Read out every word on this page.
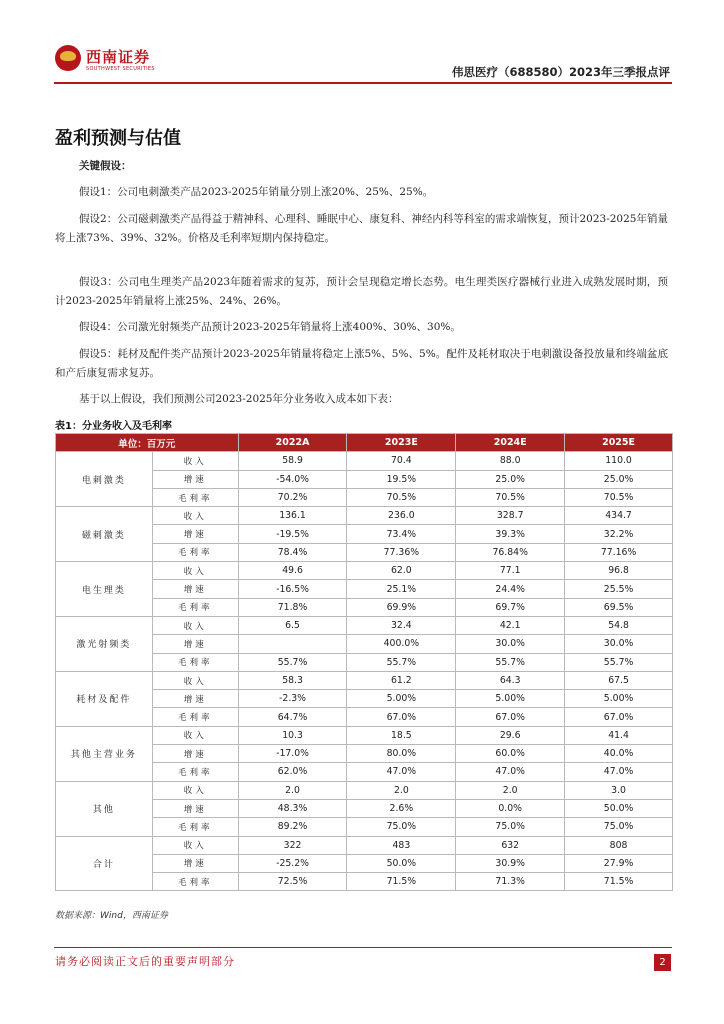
西南证券
SOUTHWEST SECURITIES	伟思医疗（688580）2023年三季报点评
盈利预测与估值
关键假设：
假设1：公司电刺激类产品2023-2025年销量分别上涨20%、25%、25%。
假设2：公司磁刺激类产品得益于精神科、心理科、睡眠中心、康复科、神经内科等科室的需求端恢复，预计2023-2025年销量将上涨73%、39%、32%。价格及毛利率短期内保持稳定。
假设3：公司电生理类产品2023年随着需求的复苏，预计会呈现稳定增长态势。电生理类医疗器械行业进入成熟发展时期，预计2023-2025年销量将上涨25%、24%、26%。
假设4：公司激光射频类产品预计2023-2025年销量将上涨400%、30%、30%。
假设5：耗材及配件类产品预计2023-2025年销量将稳定上涨5%、5%、5%。配件及耗材取决于电刺激设备投放量和终端盆底和产后康复需求复苏。
基于以上假设，我们预测公司2023-2025年分业务收入成本如下表：
表1：分业务收入及毛利率
单位：百万元		2022A	2023E	2024E	2025E
电刺激类	收入	58.9	70.4	88.0	110.0
	增速	-54.0%	19.5%	25.0%	25.0%
	毛利率	70.2%	70.5%	70.5%	70.5%
磁刺激类	收入	136.1	236.0	328.7	434.7
	增速	-19.5%	73.4%	39.3%	32.2%
	毛利率	78.4%	77.36%	76.84%	77.16%
电生理类	收入	49.6	62.0	77.1	96.8
	增速	-16.5%	25.1%	24.4%	25.5%
	毛利率	71.8%	69.9%	69.7%	69.5%
激光射频类	收入	6.5	32.4	42.1	54.8
	增速		400.0%	30.0%	30.0%
	毛利率	55.7%	55.7%	55.7%	55.7%
耗材及配件	收入	58.3	61.2	64.3	67.5
	增速	-2.3%	5.00%	5.00%	5.00%
	毛利率	64.7%	67.0%	67.0%	67.0%
其他主营业务	收入	10.3	18.5	29.6	41.4
	增速	-17.0%	80.0%	60.0%	40.0%
	毛利率	62.0%	47.0%	47.0%	47.0%
其他	收入	2.0	2.0	2.0	3.0
	增速	48.3%	2.6%	0.0%	50.0%
	毛利率	89.2%	75.0%	75.0%	75.0%
合计	收入	322	483	632	808
	增速	-25.2%	50.0%	30.9%	27.9%
	毛利率	72.5%	71.5%	71.3%	71.5%
数据来源：Wind，西南证券
请务必阅读正文后的重要声明部分	2
